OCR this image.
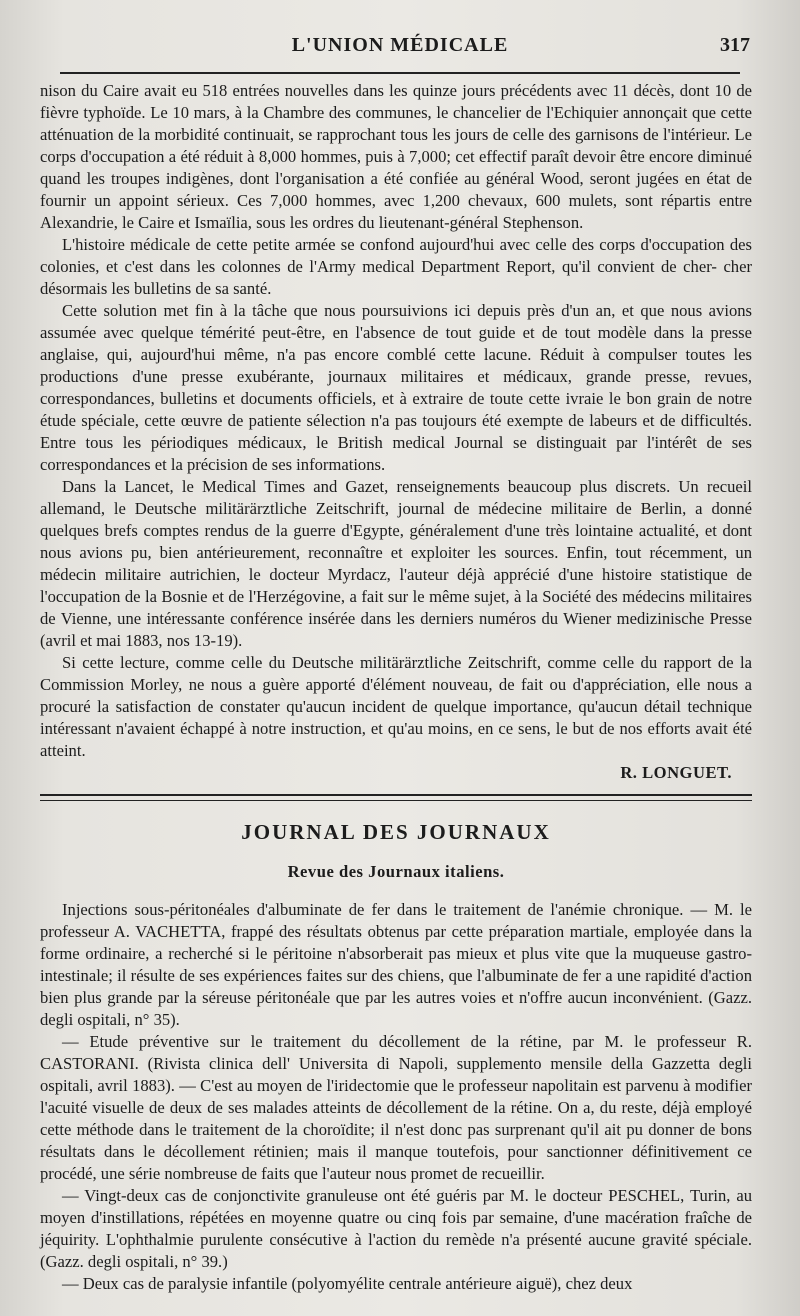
L'UNION MÉDICALE	317

nison du Caire avait eu 518 entrées nouvelles dans les quinze jours précédents avec 11 décès, dont 10 de fièvre typhoïde. Le 10 mars, à la Chambre des communes, le chancelier de l'Echiquier annonçait que cette atténuation de la morbidité continuait, se rapprochant tous les jours de celle des garnisons de l'intérieur. Le corps d'occupation a été réduit à 8,000 hommes, puis à 7,000; cet effectif paraît devoir être encore diminué quand les troupes indigènes, dont l'organisation a été confiée au général Wood, seront jugées en état de fournir un appoint sérieux. Ces 7,000 hommes, avec 1,200 chevaux, 600 mulets, sont répartis entre Alexandrie, le Caire et Ismaïlia, sous les ordres du lieutenant-général Stephenson.

L'histoire médicale de cette petite armée se confond aujourd'hui avec celle des corps d'occupation des colonies, et c'est dans les colonnes de l'Army medical Department Report, qu'il convient de cher- cher désormais les bulletins de sa santé.

Cette solution met fin à la tâche que nous poursuivions ici depuis près d'un an, et que nous avions assumée avec quelque témérité peut-être, en l'absence de tout guide et de tout modèle dans la presse anglaise, qui, aujourd'hui même, n'a pas encore comblé cette lacune. Réduit à compulser toutes les productions d'une presse exubérante, journaux militaires et médicaux, grande presse, revues, correspondances, bulletins et documents officiels, et à extraire de toute cette ivraie le bon grain de notre étude spéciale, cette œuvre de patiente sélection n'a pas toujours été exempte de labeurs et de difficultés. Entre tous les périodiques médicaux, le British medical Journal se distinguait par l'intérêt de ses correspondances et la précision de ses informations.

Dans la Lancet, le Medical Times and Gazet, renseignements beaucoup plus discrets. Un recueil allemand, le Deutsche militärärztliche Zeitschrift, journal de médecine militaire de Berlin, a donné quelques brefs comptes rendus de la guerre d'Egypte, généralement d'une très lointaine actualité, et dont nous avions pu, bien antérieurement, reconnaître et exploiter les sources. Enfin, tout récemment, un médecin militaire autrichien, le docteur Myrdacz, l'auteur déjà apprécié d'une histoire statistique de l'occupation de la Bosnie et de l'Herzégovine, a fait sur le même sujet, à la Société des médecins militaires de Vienne, une intéressante conférence insérée dans les derniers numéros du Wiener medizinische Presse (avril et mai 1883, nos 13-19).

Si cette lecture, comme celle du Deutsche militärärztliche Zeitschrift, comme celle du rapport de la Commission Morley, ne nous a guère apporté d'élément nouveau, de fait ou d'appréciation, elle nous a procuré la satisfaction de constater qu'aucun incident de quelque importance, qu'aucun détail technique intéressant n'avaient échappé à notre instruction, et qu'au moins, en ce sens, le but de nos efforts avait été atteint.

R. LONGUET.

JOURNAL DES JOURNAUX
Revue des Journaux italiens.

Injections sous-péritonéales d'albuminate de fer dans le traitement de l'anémie chronique. — M. le professeur A. VACHETTA, frappé des résultats obtenus par cette préparation martiale, employée dans la forme ordinaire, a recherché si le péritoine n'absorberait pas mieux et plus vite que la muqueuse gastro-intestinale; il résulte de ses expériences faites sur des chiens, que l'albuminate de fer a une rapidité d'action bien plus grande par la séreuse péritonéale que par les autres voies et n'offre aucun inconvénient. (Gazz. degli ospitali, n° 35).

— Etude préventive sur le traitement du décollement de la rétine, par M. le professeur R. CASTORANI. (Rivista clinica dell' Universita di Napoli, supplemento mensile della Gazzetta degli ospitali, avril 1883). — C'est au moyen de l'iridectomie que le professeur napolitain est parvenu à modifier l'acuité visuelle de deux de ses malades atteints de décollement de la rétine. On a, du reste, déjà employé cette méthode dans le traitement de la choroïdite; il n'est donc pas surprenant qu'il ait pu donner de bons résultats dans le décollement rétinien; mais il manque toutefois, pour sanctionner définitivement ce procédé, une série nombreuse de faits que l'auteur nous promet de recueillir.

— Vingt-deux cas de conjonctivite granuleuse ont été guéris par M. le docteur PESCHEL, Turin, au moyen d'instillations, répétées en moyenne quatre ou cinq fois par semaine, d'une macération fraîche de jéquirity. L'ophthalmie purulente consécutive à l'action du remède n'a présenté aucune gravité spéciale. (Gazz. degli ospitali, n° 39.)

— Deux cas de paralysie infantile (polyomyélite centrale antérieure aiguë), chez deux
